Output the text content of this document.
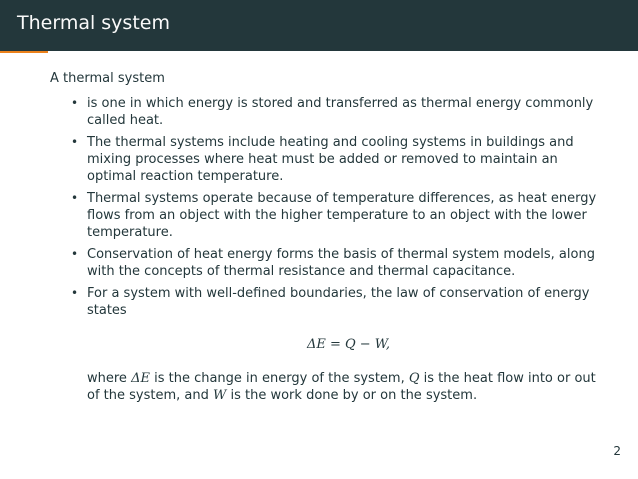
Thermal system

A thermal system

• is one in which energy is stored and transferred as thermal energy commonly called heat.
• The thermal systems include heating and cooling systems in buildings and mixing processes where heat must be added or removed to maintain an optimal reaction temperature.
• Thermal systems operate because of temperature differences, as heat energy flows from an object with the higher temperature to an object with the lower temperature.
• Conservation of heat energy forms the basis of thermal system models, along with the concepts of thermal resistance and thermal capacitance.
• For a system with well-defined boundaries, the law of conservation of energy states
ΔE = Q − W,

where ΔE is the change in energy of the system, Q is the heat flow into or out of the system, and W is the work done by or on the system.

2
